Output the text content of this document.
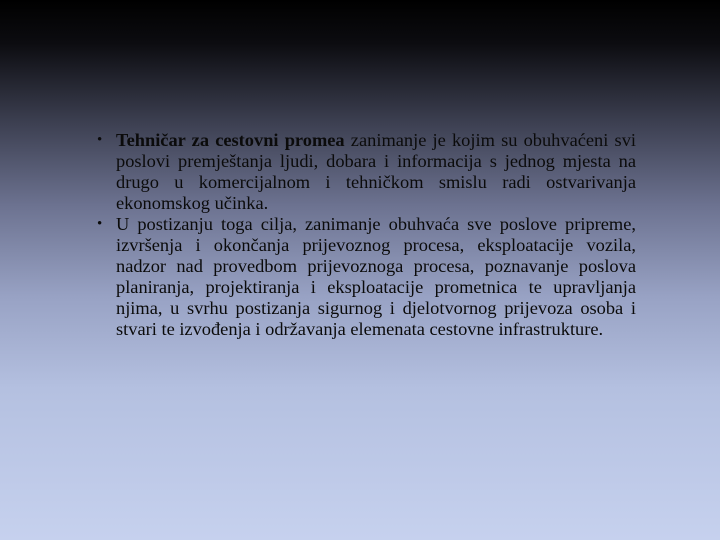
• Tehničar za cestovni promea zanimanje je kojim su obuhvaćeni svi poslovi premještanja ljudi, dobara i informacija s jednog mjesta na drugo u komercijalnom i tehničkom smislu radi ostvarivanja ekonomskog učinka.
• U postizanju toga cilja, zanimanje obuhvaća sve poslove pripreme, izvršenja i okončanja prijevoznog procesa, eksploatacije vozila, nadzor nad provedbom prijevoznoga procesa, poznavanje poslova planiranja, projektiranja i eksploatacije prometnica te upravljanja njima, u svrhu postizanja sigurnog i djelotvornog prijevoza osoba i stvari te izvođenja i održavanja elemenata cestovne infrastrukture.
